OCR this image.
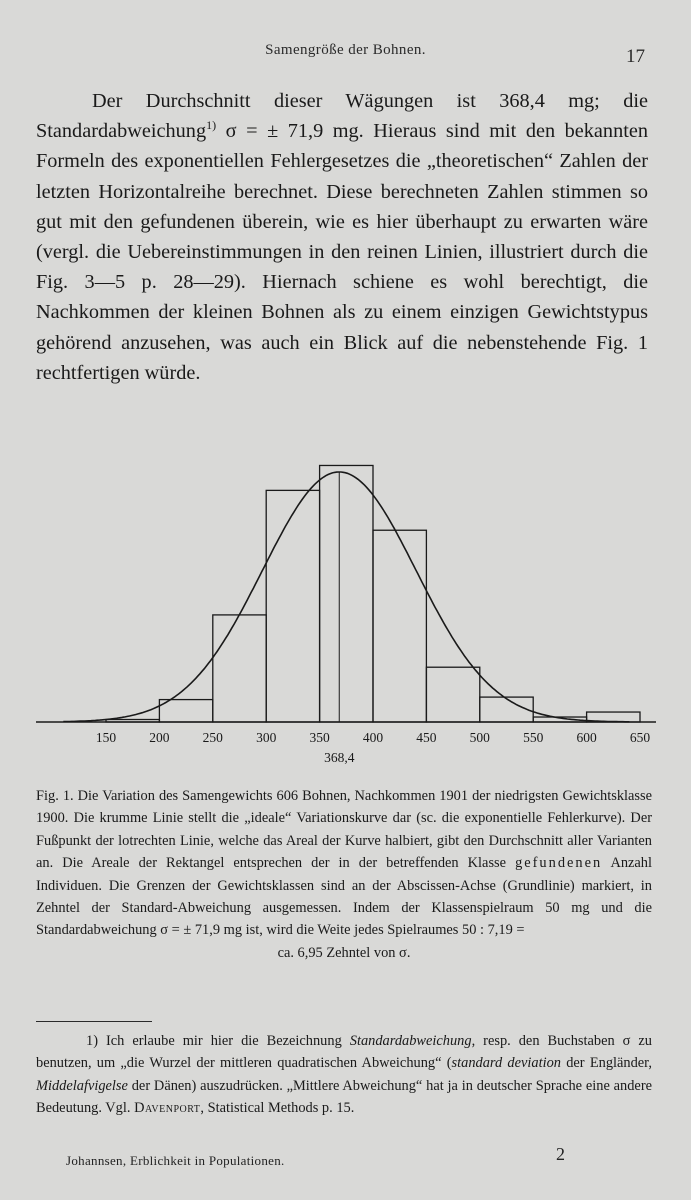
Samengröße der Bohnen.	17

Der Durchschnitt dieser Wägungen ist 368,4 mg; die Standardabweichung$^{1)}$ σ = ± 71,9 mg. Hieraus sind mit den bekannten Formeln des exponentiellen Fehlergesetzes die „theoretischen“ Zahlen der letzten Horizontalreihe berechnet. Diese berechneten Zahlen stimmen so gut mit den gefundenen überein, wie es hier überhaupt zu erwarten wäre (vergl. die Uebereinstimmungen in den reinen Linien, illustriert durch die Fig. 3—5 p. 28—29). Hiernach schiene es wohl berechtigt, die Nachkommen der kleinen Bohnen als zu einem einzigen Gewichtstypus gehörend anzusehen, was auch ein Blick auf die nebenstehende Fig. 1 rechtfertigen würde.

150 200 250 300 350 400 450 500 550 600 650
368,4

Fig. 1. Die Variation des Samengewichts 606 Bohnen, Nachkommen 1901 der niedrigsten Gewichtsklasse 1900. Die krumme Linie stellt die „ideale“ Variationskurve dar (sc. die exponentielle Fehlerkurve). Der Fußpunkt der lotrechten Linie, welche das Areal der Kurve halbiert, gibt den Durchschnitt aller Varianten an. Die Areale der Rektangel entsprechen der in der betreffenden Klasse gefundenen Anzahl Individuen. Die Grenzen der Gewichtsklassen sind an der Abscissen-Achse (Grundlinie) markiert, in Zehntel der Standard-Abweichung ausgemessen. Indem der Klassenspielraum 50 mg und die Standardabweichung σ = ± 71,9 mg ist, wird die Weite jedes Spielraumes 50 : 7,19 =
ca. 6,95 Zehntel von σ.

1) Ich erlaube mir hier die Bezeichnung Standardabweichung, resp. den Buchstaben σ zu benutzen, um „die Wurzel der mittleren quadratischen Abweichung“ (standard deviation der Engländer, Middelafvigelse der Dänen) auszudrücken. „Mittlere Abweichung“ hat ja in deutscher Sprache eine andere Bedeutung. Vgl. Davenport, Statistical Methods p. 15.

Johannsen, Erblichkeit in Populationen.	2
